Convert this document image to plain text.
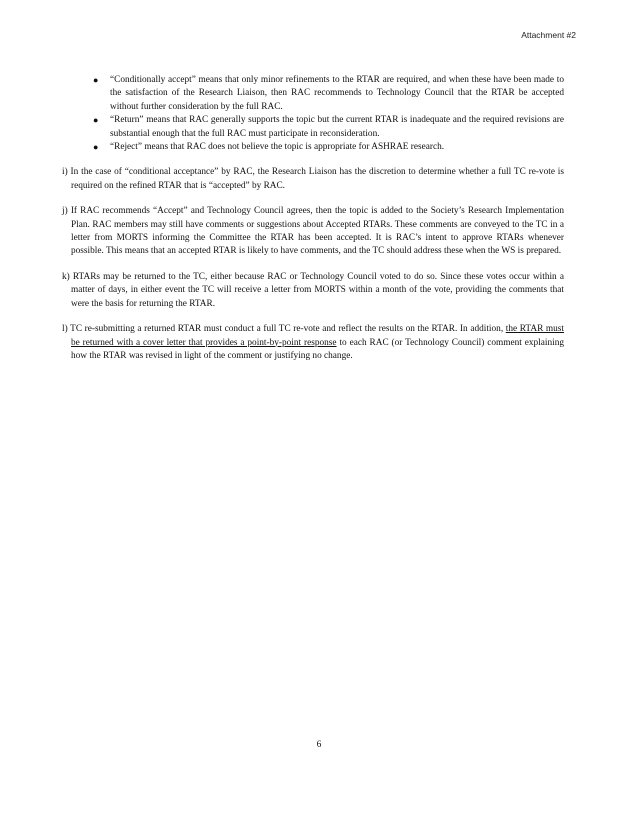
Attachment #2
● “Conditionally accept” means that only minor refinements to the RTAR are required, and when these have been made to the satisfaction of the Research Liaison, then RAC recommends to Technology Council that the RTAR be accepted without further consideration by the full RAC.
● “Return” means that RAC generally supports the topic but the current RTAR is inadequate and the required revisions are substantial enough that the full RAC must participate in reconsideration.
● “Reject” means that RAC does not believe the topic is appropriate for ASHRAE research.

i) In the case of “conditional acceptance” by RAC, the Research Liaison has the discretion to determine whether a full TC re-vote is required on the refined RTAR that is “accepted” by RAC.

j) If RAC recommends “Accept” and Technology Council agrees, then the topic is added to the Society’s Research Implementation Plan. RAC members may still have comments or suggestions about Accepted RTARs. These comments are conveyed to the TC in a letter from MORTS informing the Committee the RTAR has been accepted. It is RAC’s intent to approve RTARs whenever possible. This means that an accepted RTAR is likely to have comments, and the TC should address these when the WS is prepared.

k) RTARs may be returned to the TC, either because RAC or Technology Council voted to do so. Since these votes occur within a matter of days, in either event the TC will receive a letter from MORTS within a month of the vote, providing the comments that were the basis for returning the RTAR.

l) TC re-submitting a returned RTAR must conduct a full TC re-vote and reflect the results on the RTAR. In addition, the RTAR must be returned with a cover letter that provides a point-by-point response to each RAC (or Technology Council) comment explaining how the RTAR was revised in light of the comment or justifying no change.

6
